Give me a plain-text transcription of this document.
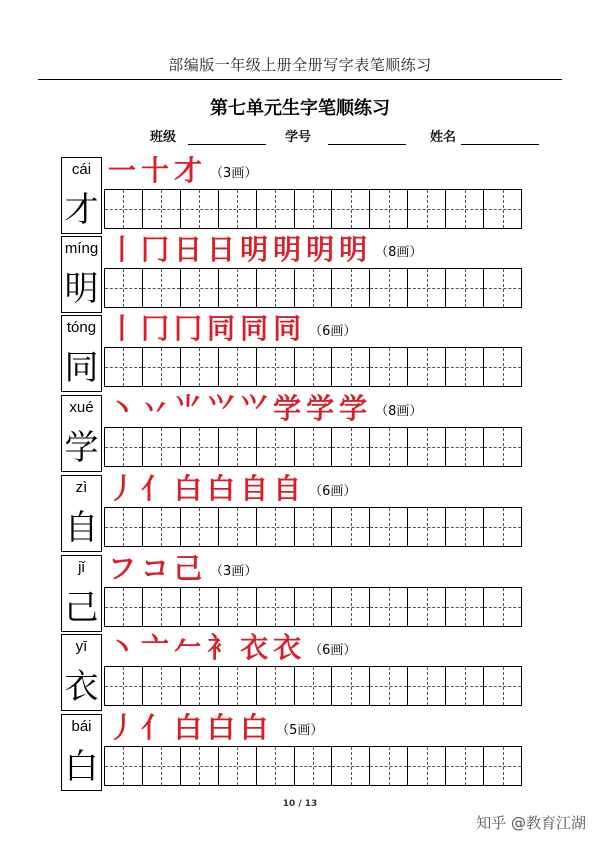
部编版一年级上册全册写字表笔顺练习
第七单元生字笔顺练习
班级	学号	姓名
cái
才
一 十 才 （3画）
míng
明
丨 冂 日 日 明 明 明 明 （8画）
tóng
同
丨 冂 冂 同 同 同 （6画）
xué
学
丶 丷 ⺌ ⺍ ⺍ 学 学 学 （8画）
zì
自
丿 亻 白 白 自 自 （6画）
jǐ
己
フ コ 己 （3画）
yī
衣
丶 亠 𠂉 衤 衣 衣 （6画）
bái
白
丿 亻 白 白 白 （5画）
10 / 13
知乎 @教育江湖
